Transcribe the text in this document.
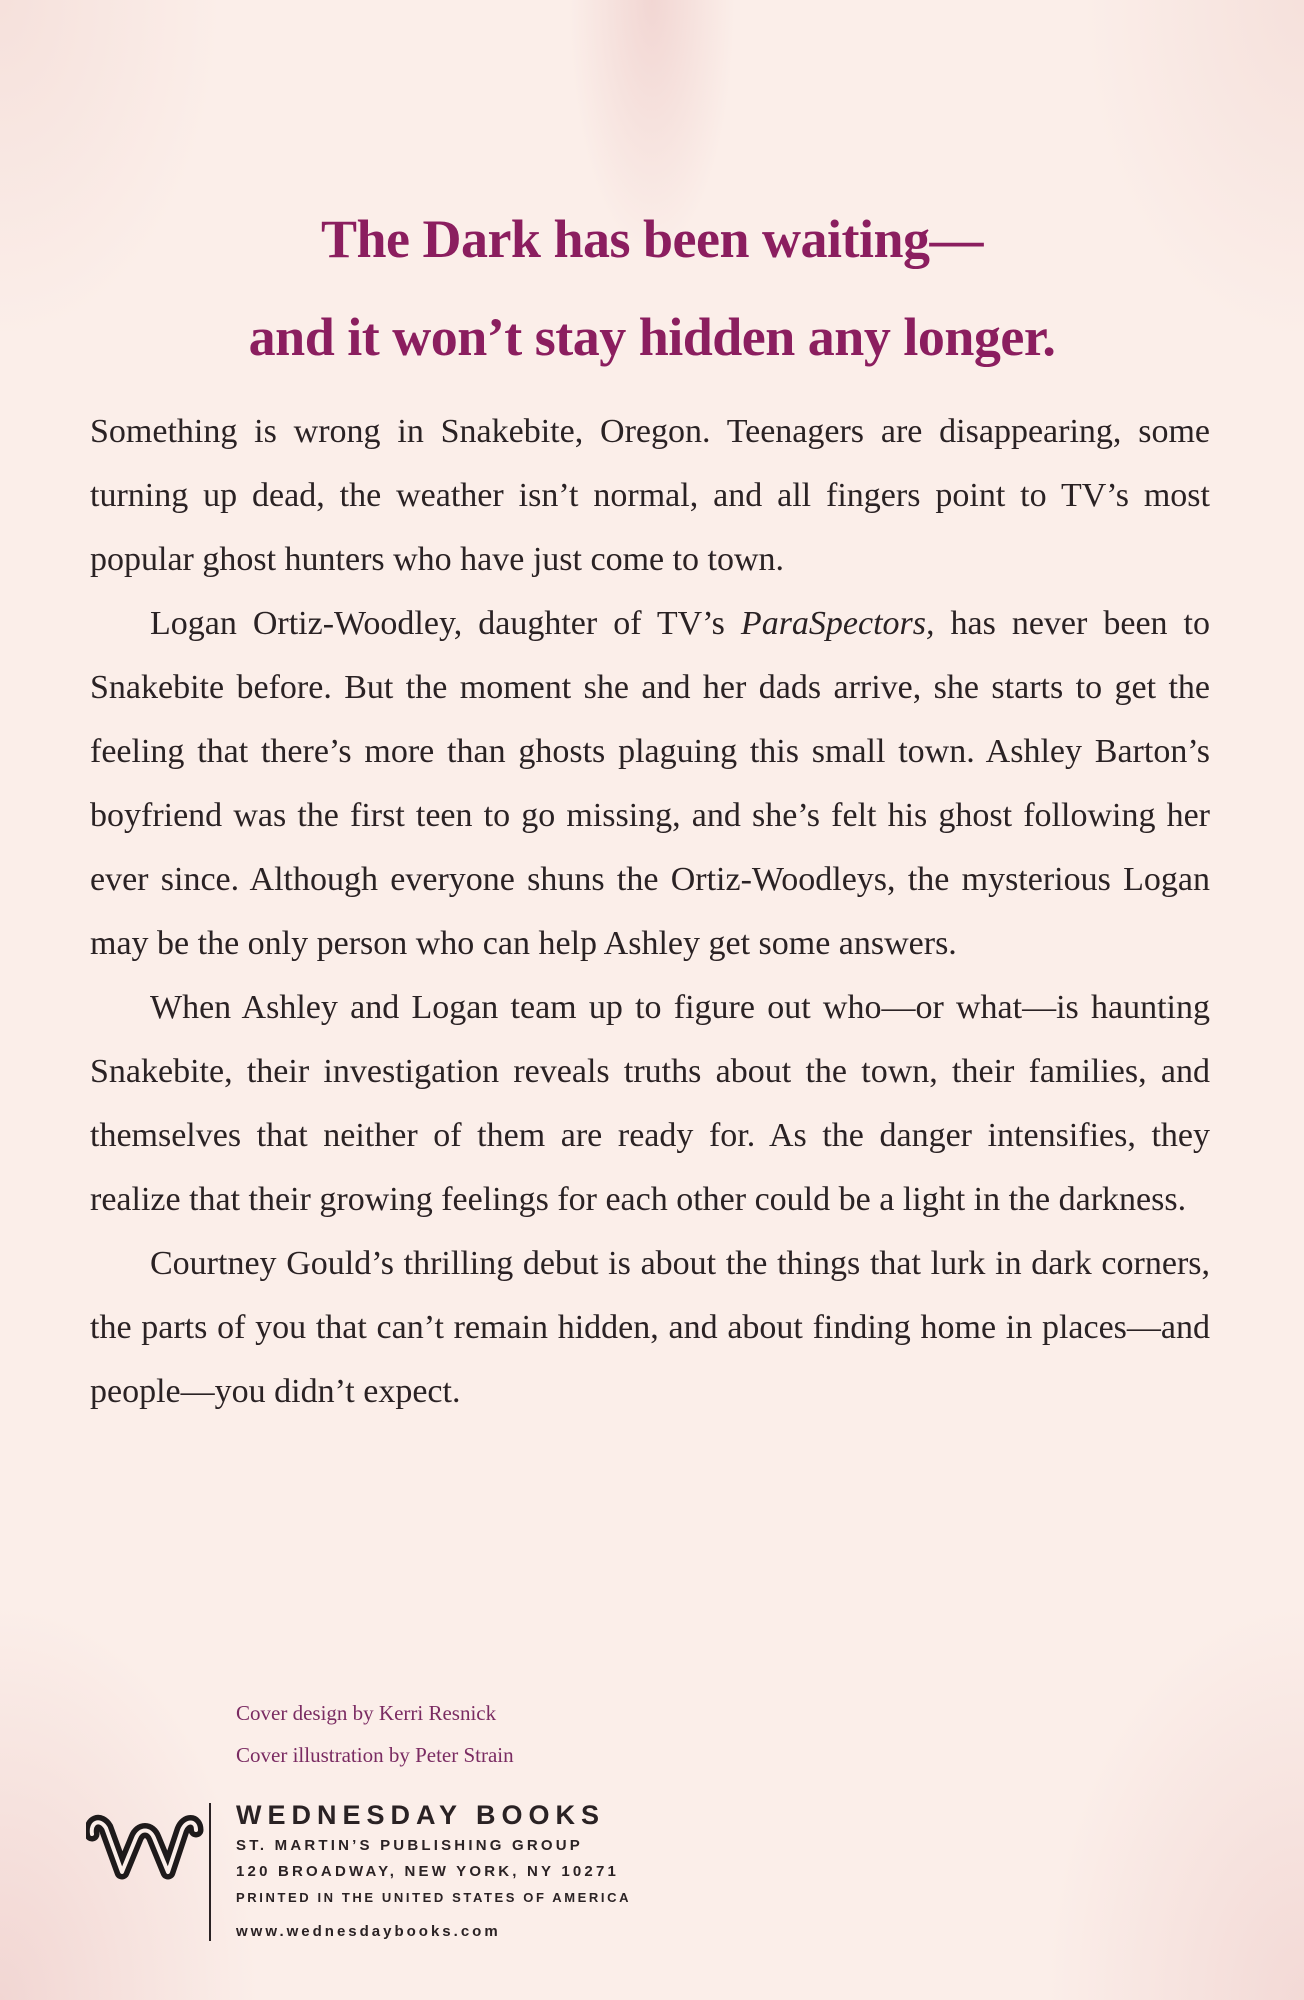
The Dark has been waiting—
and it won’t stay hidden any longer.

Something is wrong in Snakebite, Oregon. Teenagers are disappearing, some turning up dead, the weather isn’t normal, and all fingers point to TV’s most popular ghost hunters who have just come to town.

Logan Ortiz-Woodley, daughter of TV’s ParaSpectors, has never been to Snakebite before. But the moment she and her dads arrive, she starts to get the feeling that there’s more than ghosts plaguing this small town. Ashley Barton’s boyfriend was the first teen to go missing, and she’s felt his ghost following her ever since. Although everyone shuns the Ortiz-Woodleys, the mysterious Logan may be the only person who can help Ashley get some answers.

When Ashley and Logan team up to figure out who—or what—is haunting Snakebite, their investigation reveals truths about the town, their families, and themselves that neither of them are ready for. As the danger intensifies, they realize that their growing feelings for each other could be a light in the darkness.

Courtney Gould’s thrilling debut is about the things that lurk in dark corners, the parts of you that can’t remain hidden, and about finding home in places—and people—you didn’t expect.

Cover design by Kerri Resnick
Cover illustration by Peter Strain
WEDNESDAY BOOKS
ST. MARTIN’S PUBLISHING GROUP
120 BROADWAY, NEW YORK, NY 10271
PRINTED IN THE UNITED STATES OF AMERICA
www.wednesdaybooks.com
